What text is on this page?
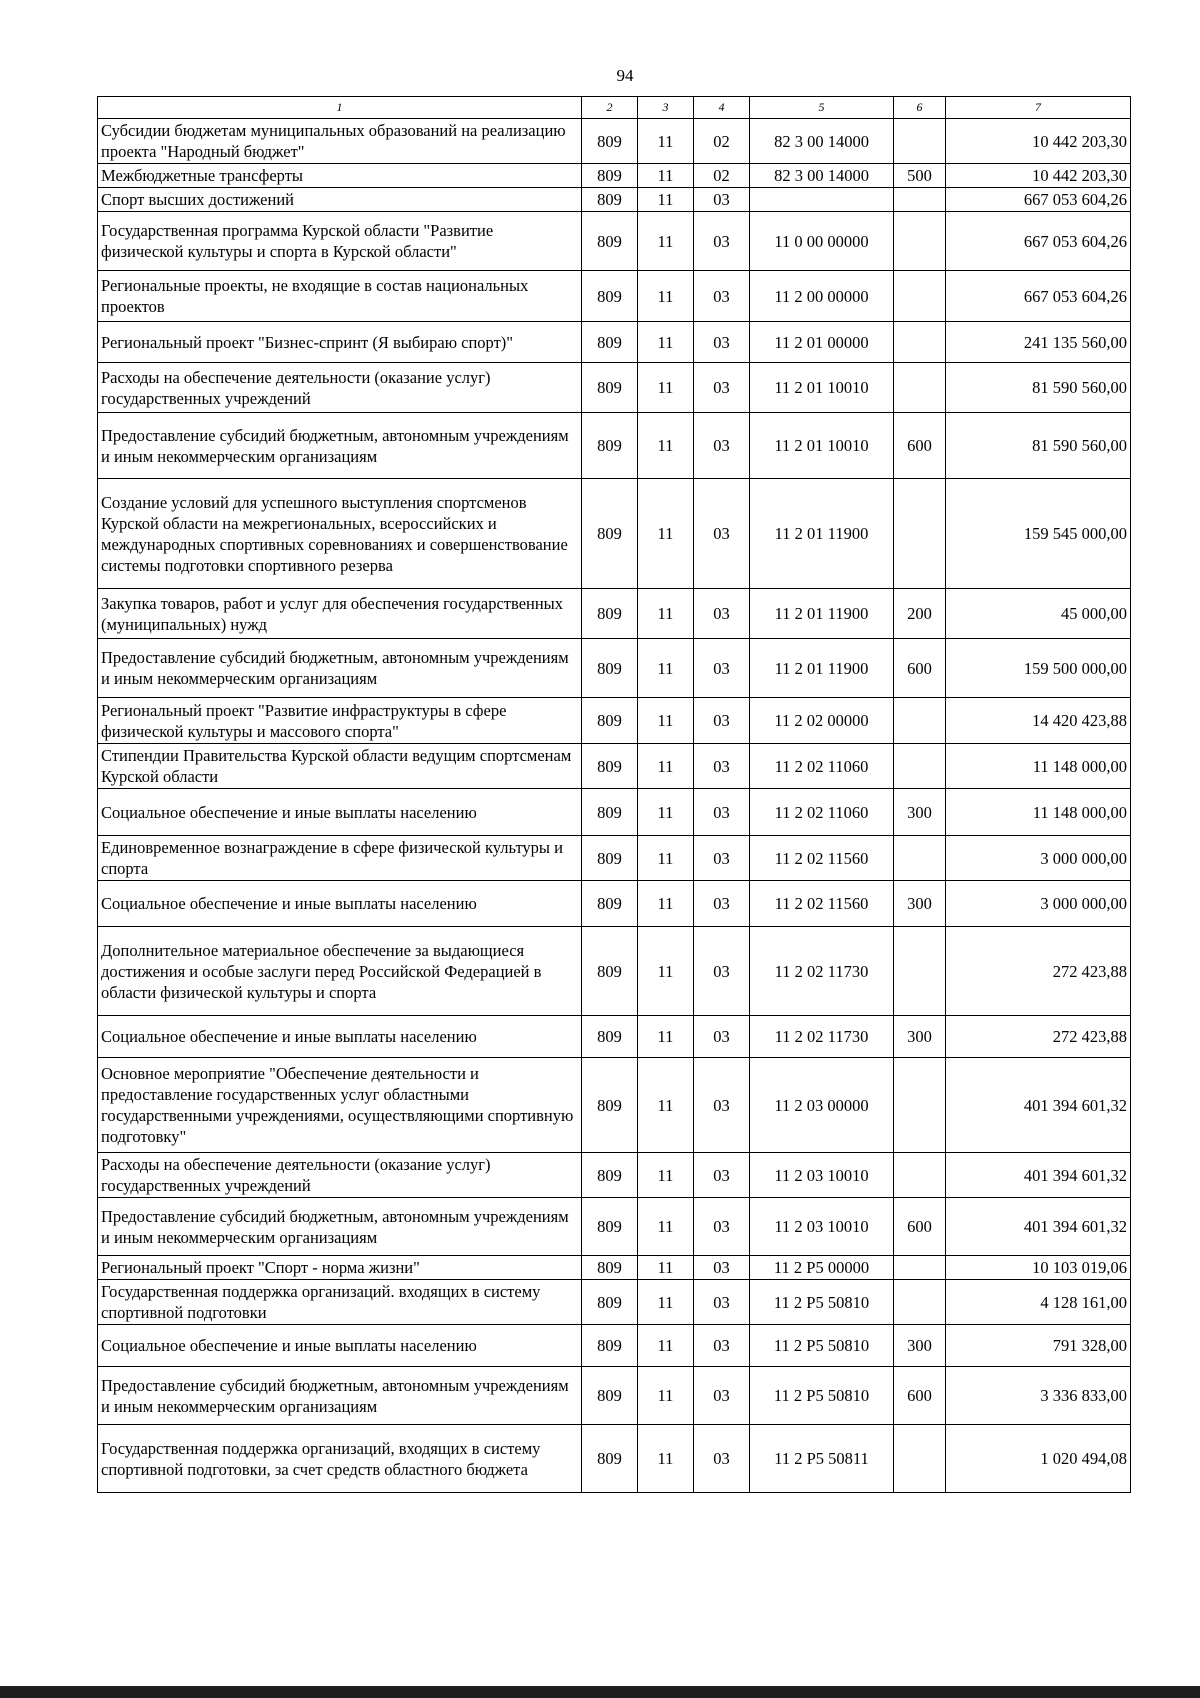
94
1	2	3	4	5	6	7
Субсидии бюджетам муниципальных образований на реализацию проекта "Народный бюджет"	809	11	02	82 3 00 14000		10 442 203,30
Межбюджетные трансферты	809	11	02	82 3 00 14000	500	10 442 203,30
Спорт высших достижений	809	11	03			667 053 604,26
Государственная программа Курской области "Развитие физической культуры и спорта в Курской области"	809	11	03	11 0 00 00000		667 053 604,26
Региональные проекты, не входящие в состав национальных проектов	809	11	03	11 2 00 00000		667 053 604,26
Региональный проект "Бизнес-спринт (Я выбираю спорт)"	809	11	03	11 2 01 00000		241 135 560,00
Расходы на обеспечение деятельности (оказание услуг) государственных учреждений	809	11	03	11 2 01 10010		81 590 560,00
Предоставление субсидий бюджетным, автономным учреждениям и иным некоммерческим организациям	809	11	03	11 2 01 10010	600	81 590 560,00
Создание условий для успешного выступления спортсменов Курской области на межрегиональных, всероссийских и международных спортивных соревнованиях и совершенствование системы подготовки спортивного резерва	809	11	03	11 2 01 11900		159 545 000,00
Закупка товаров, работ и услуг для обеспечения государственных (муниципальных) нужд	809	11	03	11 2 01 11900	200	45 000,00
Предоставление субсидий бюджетным, автономным учреждениям и иным некоммерческим организациям	809	11	03	11 2 01 11900	600	159 500 000,00
Региональный проект "Развитие инфраструктуры в сфере физической культуры и массового спорта"	809	11	03	11 2 02 00000		14 420 423,88
Стипендии Правительства Курской области ведущим спортсменам Курской области	809	11	03	11 2 02 11060		11 148 000,00
Социальное обеспечение и иные выплаты населению	809	11	03	11 2 02 11060	300	11 148 000,00
Единовременное вознаграждение в сфере физической культуры и спорта	809	11	03	11 2 02 11560		3 000 000,00
Социальное обеспечение и иные выплаты населению	809	11	03	11 2 02 11560	300	3 000 000,00
Дополнительное материальное обеспечение за выдающиеся достижения и особые заслуги перед Российской Федерацией в области физической культуры и спорта	809	11	03	11 2 02 11730		272 423,88
Социальное обеспечение и иные выплаты населению	809	11	03	11 2 02 11730	300	272 423,88
Основное мероприятие "Обеспечение деятельности и предоставление государственных услуг областными государственными учреждениями, осуществляющими спортивную подготовку"	809	11	03	11 2 03 00000		401 394 601,32
Расходы на обеспечение деятельности (оказание услуг) государственных учреждений	809	11	03	11 2 03 10010		401 394 601,32
Предоставление субсидий бюджетным, автономным учреждениям и иным некоммерческим организациям	809	11	03	11 2 03 10010	600	401 394 601,32
Региональный проект "Спорт - норма жизни"	809	11	03	11 2 P5 00000		10 103 019,06
Государственная поддержка организаций. входящих в систему спортивной подготовки	809	11	03	11 2 P5 50810		4 128 161,00
Социальное обеспечение и иные выплаты населению	809	11	03	11 2 P5 50810	300	791 328,00
Предоставление субсидий бюджетным, автономным учреждениям и иным некоммерческим организациям	809	11	03	11 2 P5 50810	600	3 336 833,00
Государственная поддержка организаций, входящих в систему спортивной подготовки, за счет средств областного бюджета	809	11	03	11 2 P5 50811		1 020 494,08
